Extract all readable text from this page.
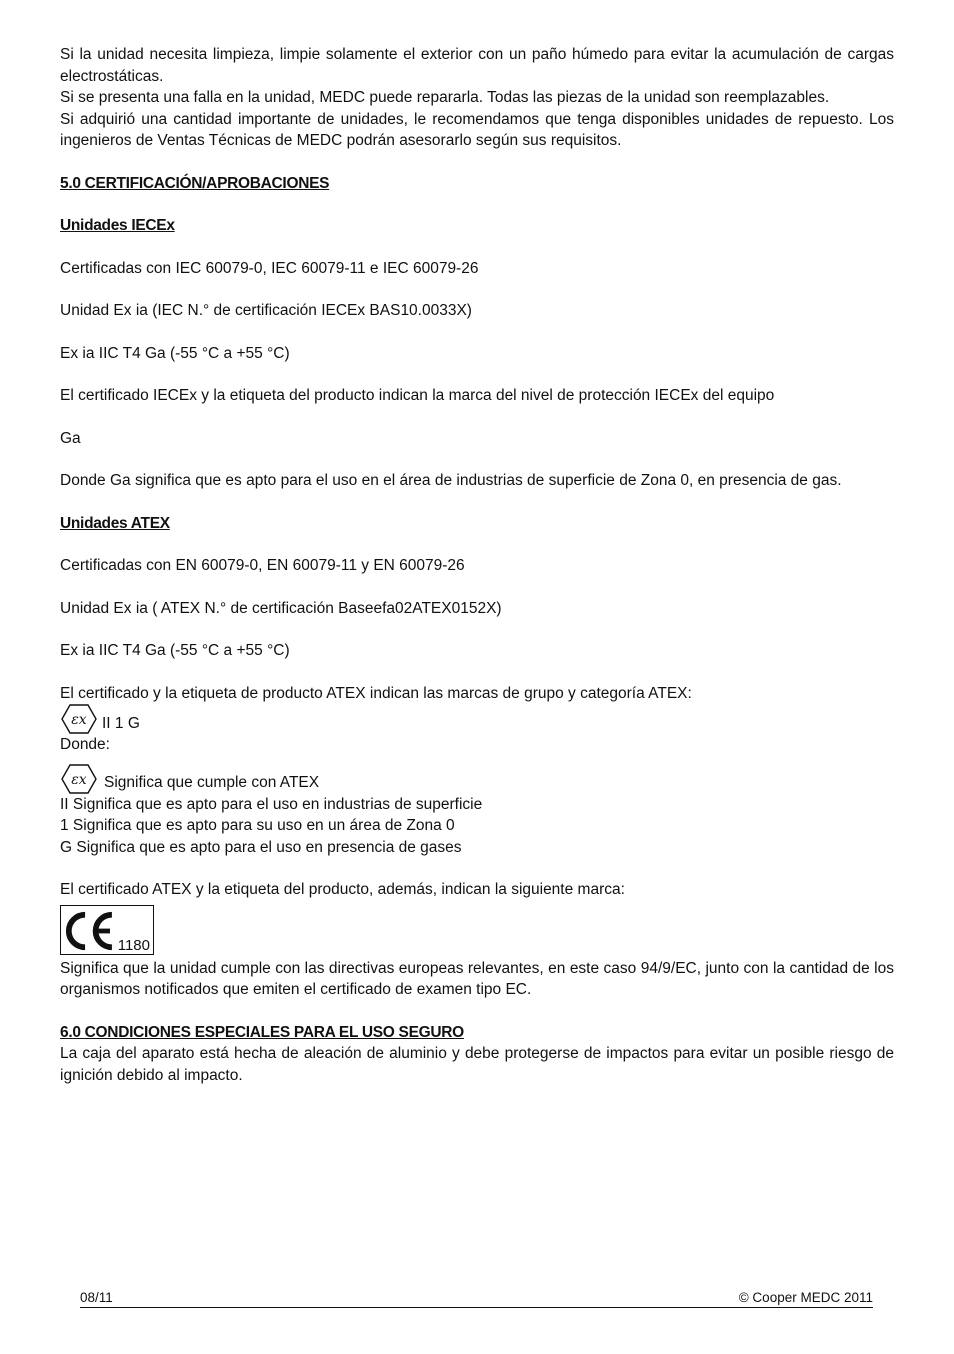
Si la unidad necesita limpieza, limpie solamente el exterior con un paño húmedo para evitar la acumulación de cargas electrostáticas.

Si se presenta una falla en la unidad, MEDC puede repararla. Todas las piezas de la unidad son reemplazables.

Si adquirió una cantidad importante de unidades, le recomendamos que tenga disponibles unidades de repuesto. Los ingenieros de Ventas Técnicas de MEDC podrán asesorarlo según sus requisitos.

5.0 CERTIFICACIÓN/APROBACIONES

Unidades IECEx

Certificadas con IEC 60079-0, IEC 60079-11 e IEC 60079-26

Unidad Ex ia (IEC N.° de certificación IECEx BAS10.0033X)

Ex ia IIC T4 Ga (-55 °C a +55 °C)

El certificado IECEx y la etiqueta del producto indican la marca del nivel de protección IECEx del equipo

Ga

Donde Ga significa que es apto para el uso en el área de industrias de superficie de Zona 0, en presencia de gas.

Unidades ATEX

Certificadas con EN 60079-0, EN 60079-11 y EN 60079-26

Unidad Ex ia ( ATEX N.° de certificación Baseefa02ATEX0152X)

Ex ia IIC T4 Ga (-55 °C a +55 °C)

El certificado y la etiqueta de producto ATEX indican las marcas de grupo y categoría ATEX:

εx II 1 G

Donde:

εx Significa que cumple con ATEX

II Significa que es apto para el uso en industrias de superficie

1 Significa que es apto para su uso en un área de Zona 0

G Significa que es apto para el uso en presencia de gases

El certificado ATEX y la etiqueta del producto, además, indican la siguiente marca:

1180

Significa que la unidad cumple con las directivas europeas relevantes, en este caso 94/9/EC, junto con la cantidad de los organismos notificados que emiten el certificado de examen tipo EC.

6.0 CONDICIONES ESPECIALES PARA EL USO SEGURO

La caja del aparato está hecha de aleación de aluminio y debe protegerse de impactos para evitar un posible riesgo de ignición debido al impacto.

08/11	© Cooper MEDC 2011
